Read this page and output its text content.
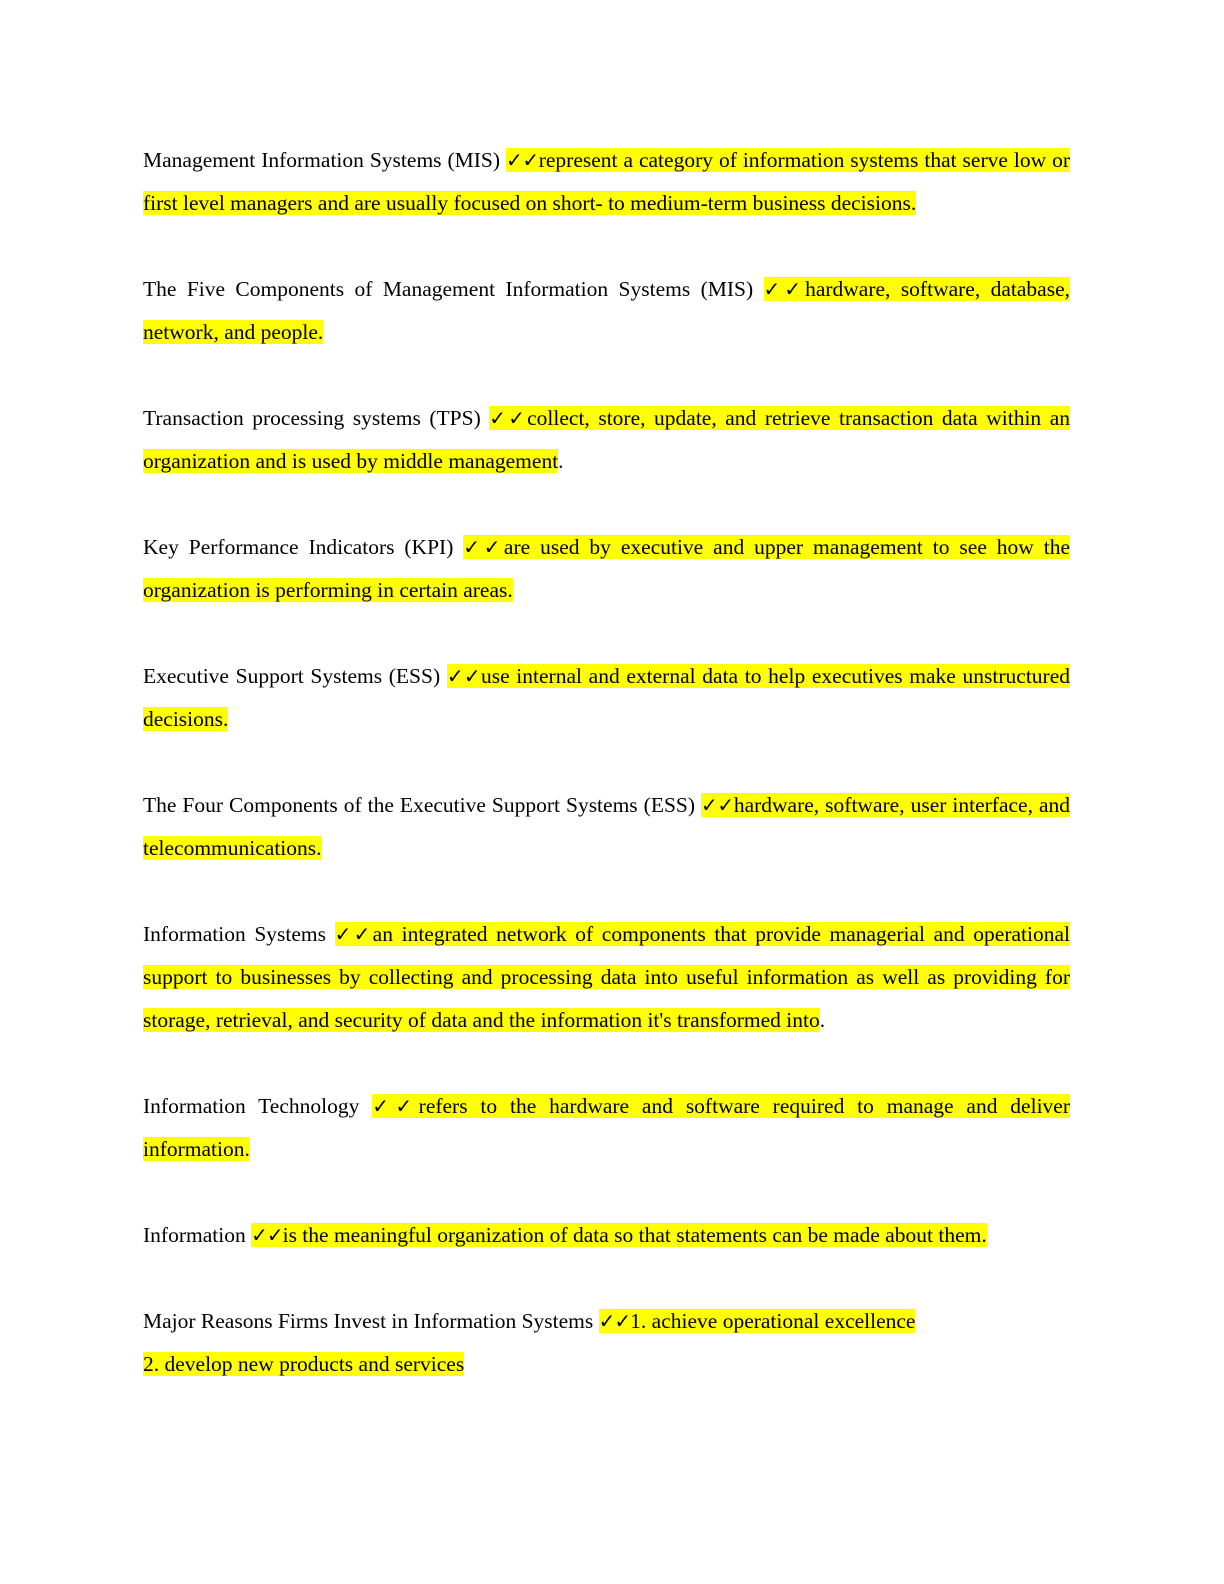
Management Information Systems (MIS) ✓✓represent a category of information systems that serve low or first level managers and are usually focused on short- to medium-term business decisions.

The Five Components of Management Information Systems (MIS) ✓✓hardware, software, database, network, and people.

Transaction processing systems (TPS) ✓✓collect, store, update, and retrieve transaction data within an organization and is used by middle management.

Key Performance Indicators (KPI) ✓✓are used by executive and upper management to see how the organization is performing in certain areas.

Executive Support Systems (ESS) ✓✓use internal and external data to help executives make unstructured decisions.

The Four Components of the Executive Support Systems (ESS) ✓✓hardware, software, user interface, and telecommunications.

Information Systems ✓✓an integrated network of components that provide managerial and operational support to businesses by collecting and processing data into useful information as well as providing for storage, retrieval, and security of data and the information it's transformed into.

Information Technology ✓✓refers to the hardware and software required to manage and deliver information.

Information ✓✓is the meaningful organization of data so that statements can be made about them.

Major Reasons Firms Invest in Information Systems ✓✓1. achieve operational excellence
2. develop new products and services
